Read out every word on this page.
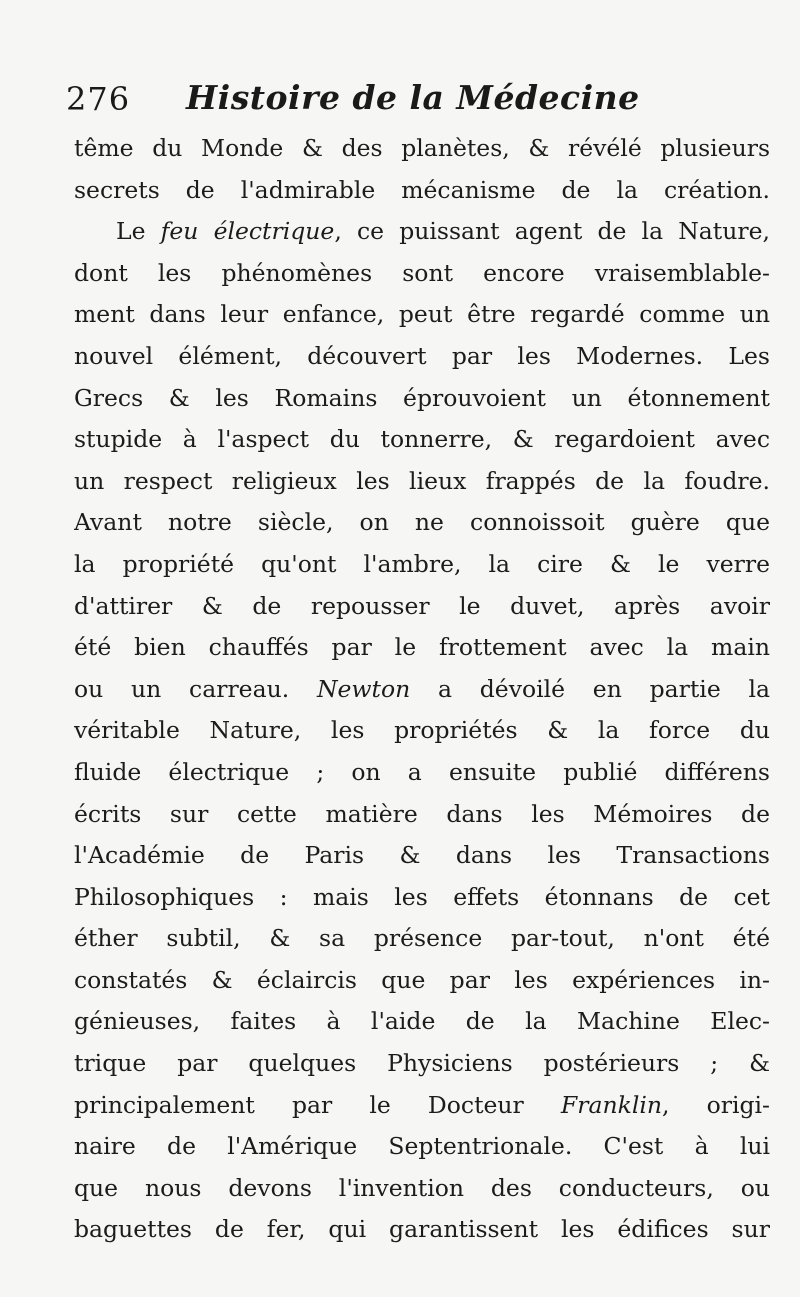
276 Histoire de la Médecine
tême du Monde & des planètes, & révélé plusieurs
secrets de l'admirable mécanisme de la création.
Le feu électrique, ce puissant agent de la Nature,
dont les phénomènes sont encore vraisemblable-
ment dans leur enfance, peut être regardé comme un
nouvel élément, découvert par les Modernes. Les
Grecs & les Romains éprouvoient un étonnement
stupide à l'aspect du tonnerre, & regardoient avec
un respect religieux les lieux frappés de la foudre.
Avant notre siècle, on ne connoissoit guère que
la propriété qu'ont l'ambre, la cire & le verre
d'attirer & de repousser le duvet, après avoir
été bien chauffés par le frottement avec la main
ou un carreau. Newton a dévoilé en partie la
véritable Nature, les propriétés & la force du
fluide électrique ; on a ensuite publié différens
écrits sur cette matière dans les Mémoires de
l'Académie de Paris & dans les Transactions
Philosophiques : mais les effets étonnans de cet
éther subtil, & sa présence par-tout, n'ont été
constatés & éclaircis que par les expériences in-
génieuses, faites à l'aide de la Machine Elec-
trique par quelques Physiciens postérieurs ; &
principalement par le Docteur Franklin, origi-
naire de l'Amérique Septentrionale. C'est à lui
que nous devons l'invention des conducteurs, ou
baguettes de fer, qui garantissent les édifices sur
